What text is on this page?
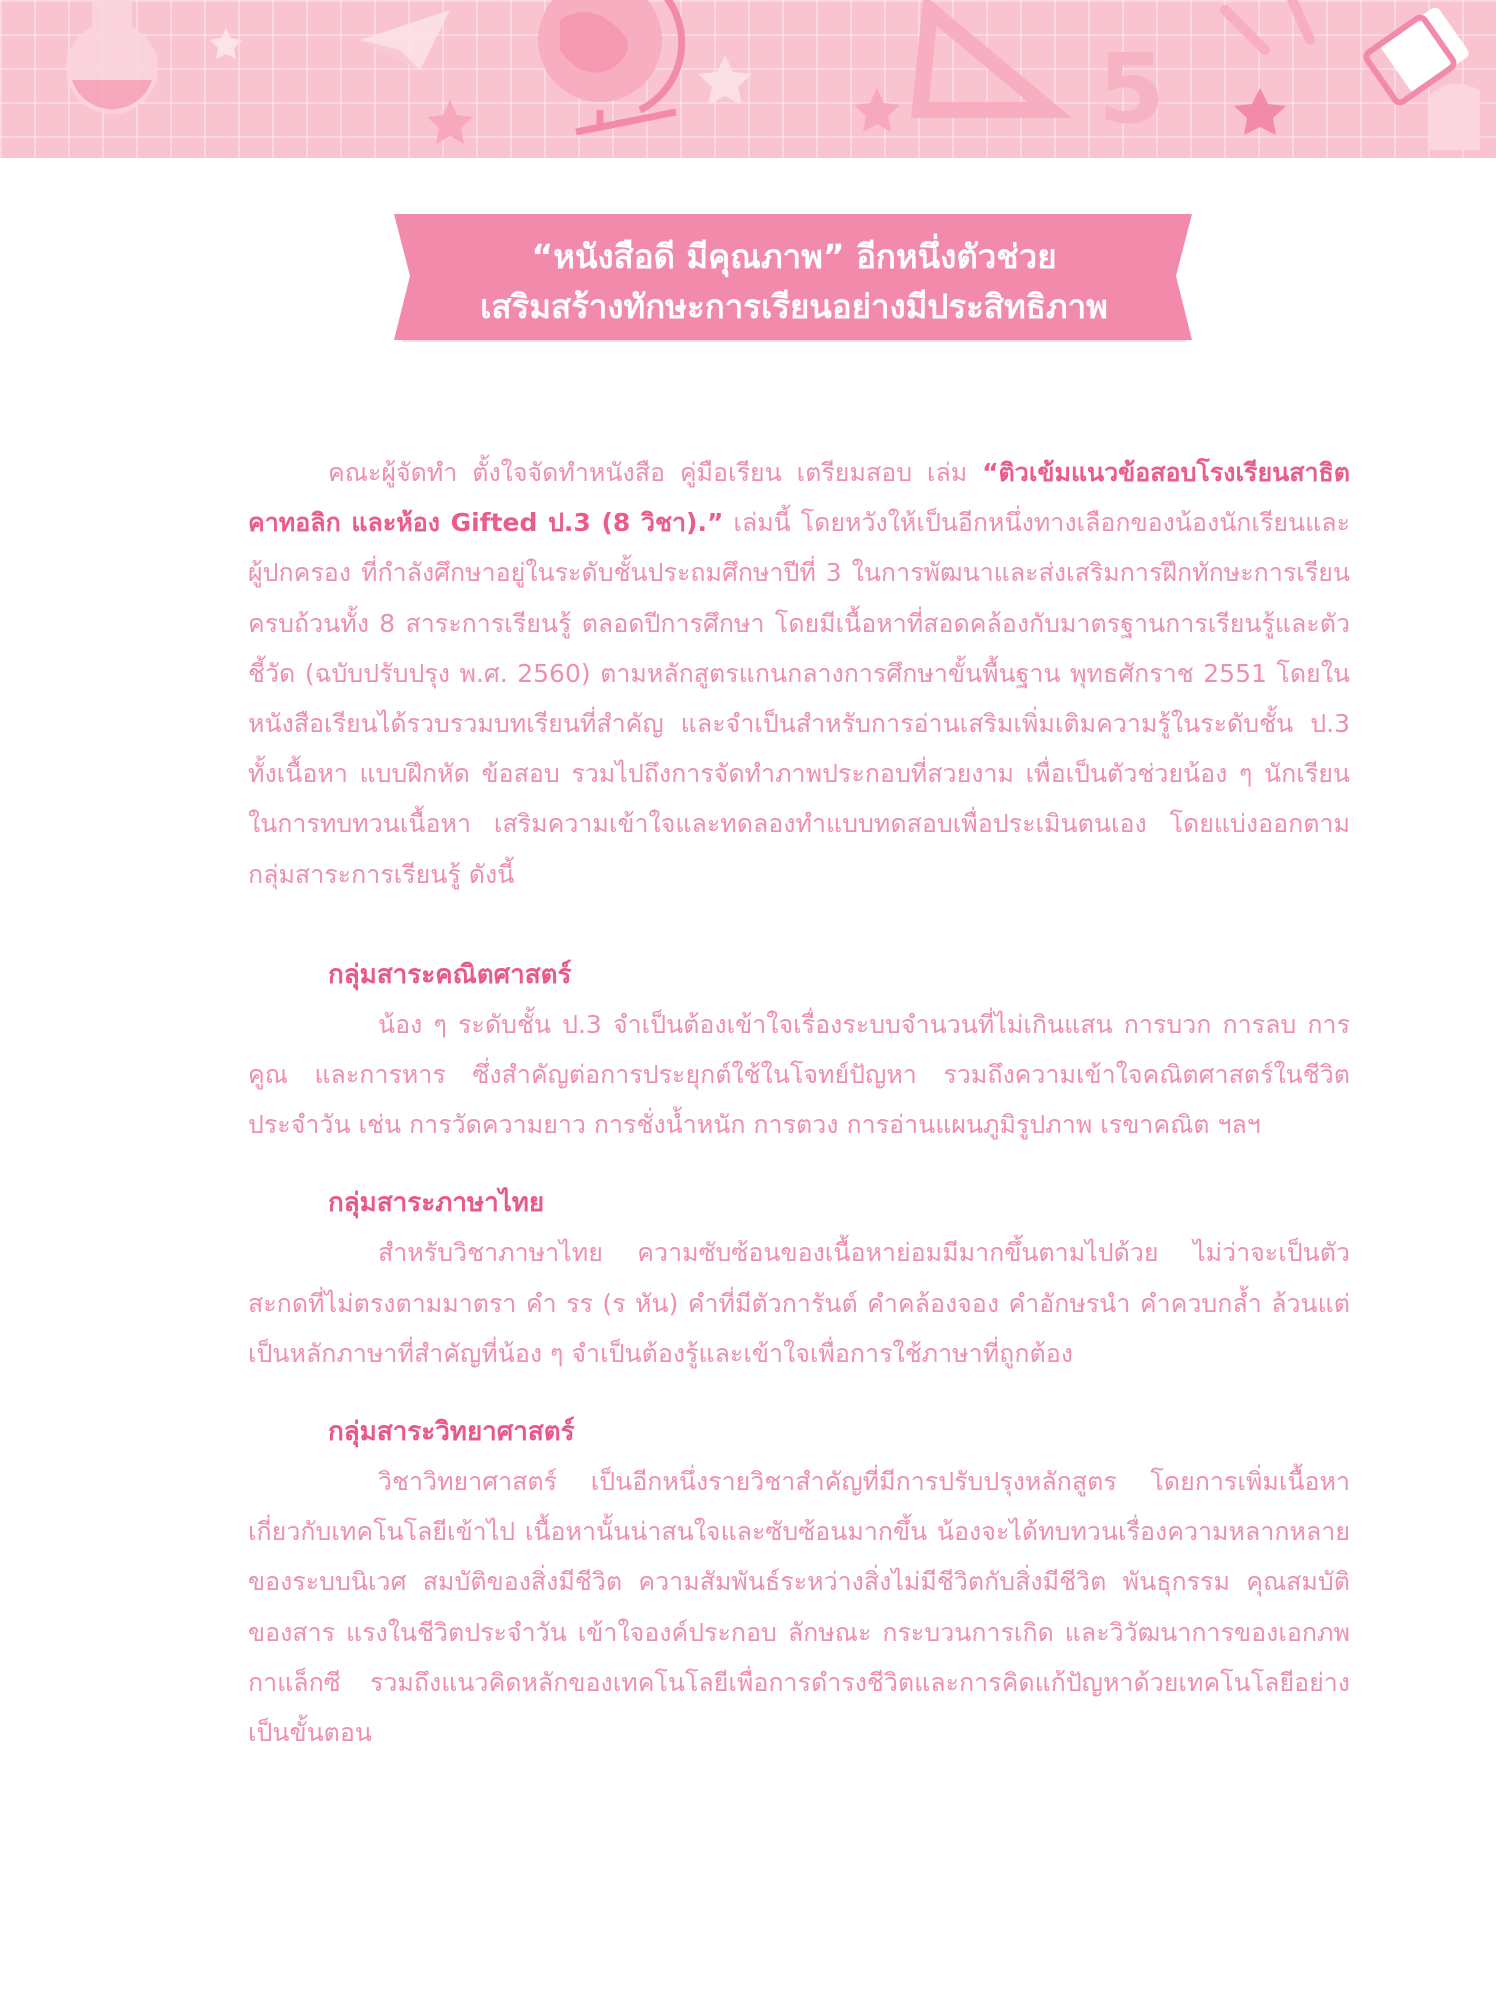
5
“หนังสือดี มีคุณภาพ” อีกหนึ่งตัวช่วย
เสริมสร้างทักษะการเรียนอย่างมีประสิทธิภาพ

คณะผู้จัดทำ ตั้งใจจัดทำหนังสือ คู่มือเรียน เตรียมสอบ เล่ม “ติวเข้มแนวข้อสอบโรงเรียนสาธิต คาทอลิก และห้อง Gifted ป.3 (8 วิชา).” เล่มนี้ โดยหวังให้เป็นอีกหนึ่งทางเลือกของน้องนักเรียนและผู้ปกครอง ที่กำลังศึกษาอยู่ในระดับชั้นประถมศึกษาปีที่ 3 ในการพัฒนาและส่งเสริมการฝึกทักษะการเรียน ครบถ้วนทั้ง 8 สาระการเรียนรู้ ตลอดปีการศึกษา โดยมีเนื้อหาที่สอดคล้องกับมาตรฐานการเรียนรู้และตัวชี้วัด (ฉบับปรับปรุง พ.ศ. 2560) ตามหลักสูตรแกนกลางการศึกษาขั้นพื้นฐาน พุทธศักราช 2551 โดยในหนังสือเรียนได้รวบรวมบทเรียนที่สำคัญ และจำเป็นสำหรับการอ่านเสริมเพิ่มเติมความรู้ในระดับชั้น ป.3 ทั้งเนื้อหา แบบฝึกหัด ข้อสอบ รวมไปถึงการจัดทำภาพประกอบที่สวยงาม เพื่อเป็นตัวช่วยน้อง ๆ นักเรียน ในการทบทวนเนื้อหา เสริมความเข้าใจและทดลองทำแบบทดสอบเพื่อประเมินตนเอง โดยแบ่งออกตามกลุ่มสาระการเรียนรู้ ดังนี้

กลุ่มสาระคณิตศาสตร์

น้อง ๆ ระดับชั้น ป.3 จำเป็นต้องเข้าใจเรื่องระบบจำนวนที่ไม่เกินแสน การบวก การลบ การคูณ และการหาร ซึ่งสำคัญต่อการประยุกต์ใช้ในโจทย์ปัญหา รวมถึงความเข้าใจคณิตศาสตร์ในชีวิตประจำวัน เช่น การวัดความยาว การชั่งน้ำหนัก การตวง การอ่านแผนภูมิรูปภาพ เรขาคณิต ฯลฯ

กลุ่มสาระภาษาไทย

สำหรับวิชาภาษาไทย ความซับซ้อนของเนื้อหาย่อมมีมากขึ้นตามไปด้วย ไม่ว่าจะเป็นตัวสะกดที่ไม่ตรงตามมาตรา คำ รร (ร หัน) คำที่มีตัวการันต์ คำคล้องจอง คำอักษรนำ คำควบกล้ำ ล้วนแต่เป็นหลักภาษาที่สำคัญที่น้อง ๆ จำเป็นต้องรู้และเข้าใจเพื่อการใช้ภาษาที่ถูกต้อง

กลุ่มสาระวิทยาศาสตร์

วิชาวิทยาศาสตร์ เป็นอีกหนึ่งรายวิชาสำคัญที่มีการปรับปรุงหลักสูตร โดยการเพิ่มเนื้อหาเกี่ยวกับเทคโนโลยีเข้าไป เนื้อหานั้นน่าสนใจและซับซ้อนมากขึ้น น้องจะได้ทบทวนเรื่องความหลากหลายของระบบนิเวศ สมบัติของสิ่งมีชีวิต ความสัมพันธ์ระหว่างสิ่งไม่มีชีวิตกับสิ่งมีชีวิต พันธุกรรม คุณสมบัติของสาร แรงในชีวิตประจำวัน เข้าใจองค์ประกอบ ลักษณะ กระบวนการเกิด และวิวัฒนาการของเอกภพ กาแล็กซี รวมถึงแนวคิดหลักของเทคโนโลยีเพื่อการดำรงชีวิตและการคิดแก้ปัญหาด้วยเทคโนโลยีอย่างเป็นขั้นตอน
